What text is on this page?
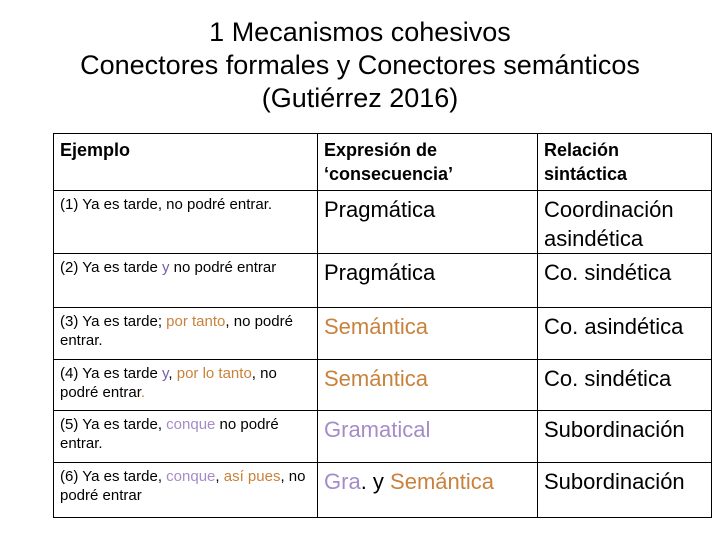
1 Mecanismos cohesivos
Conectores formales y Conectores semánticos
(Gutiérrez 2016)
Ejemplo	Expresión de ‘consecuencia’	Relación sintáctica
(1) Ya es tarde, no podré entrar.	Pragmática	Coordinación asindética
(2) Ya es tarde y no podré entrar	Pragmática	Co. sindética
(3) Ya es tarde; por tanto, no podré entrar.	Semántica	Co. asindética
(4) Ya es tarde y, por lo tanto, no podré entrar.	Semántica	Co. sindética
(5) Ya es tarde, conque no podré entrar.	Gramatical	Subordinación
(6) Ya es tarde, conque, así pues, no podré entrar	Gra. y Semántica	Subordinación
